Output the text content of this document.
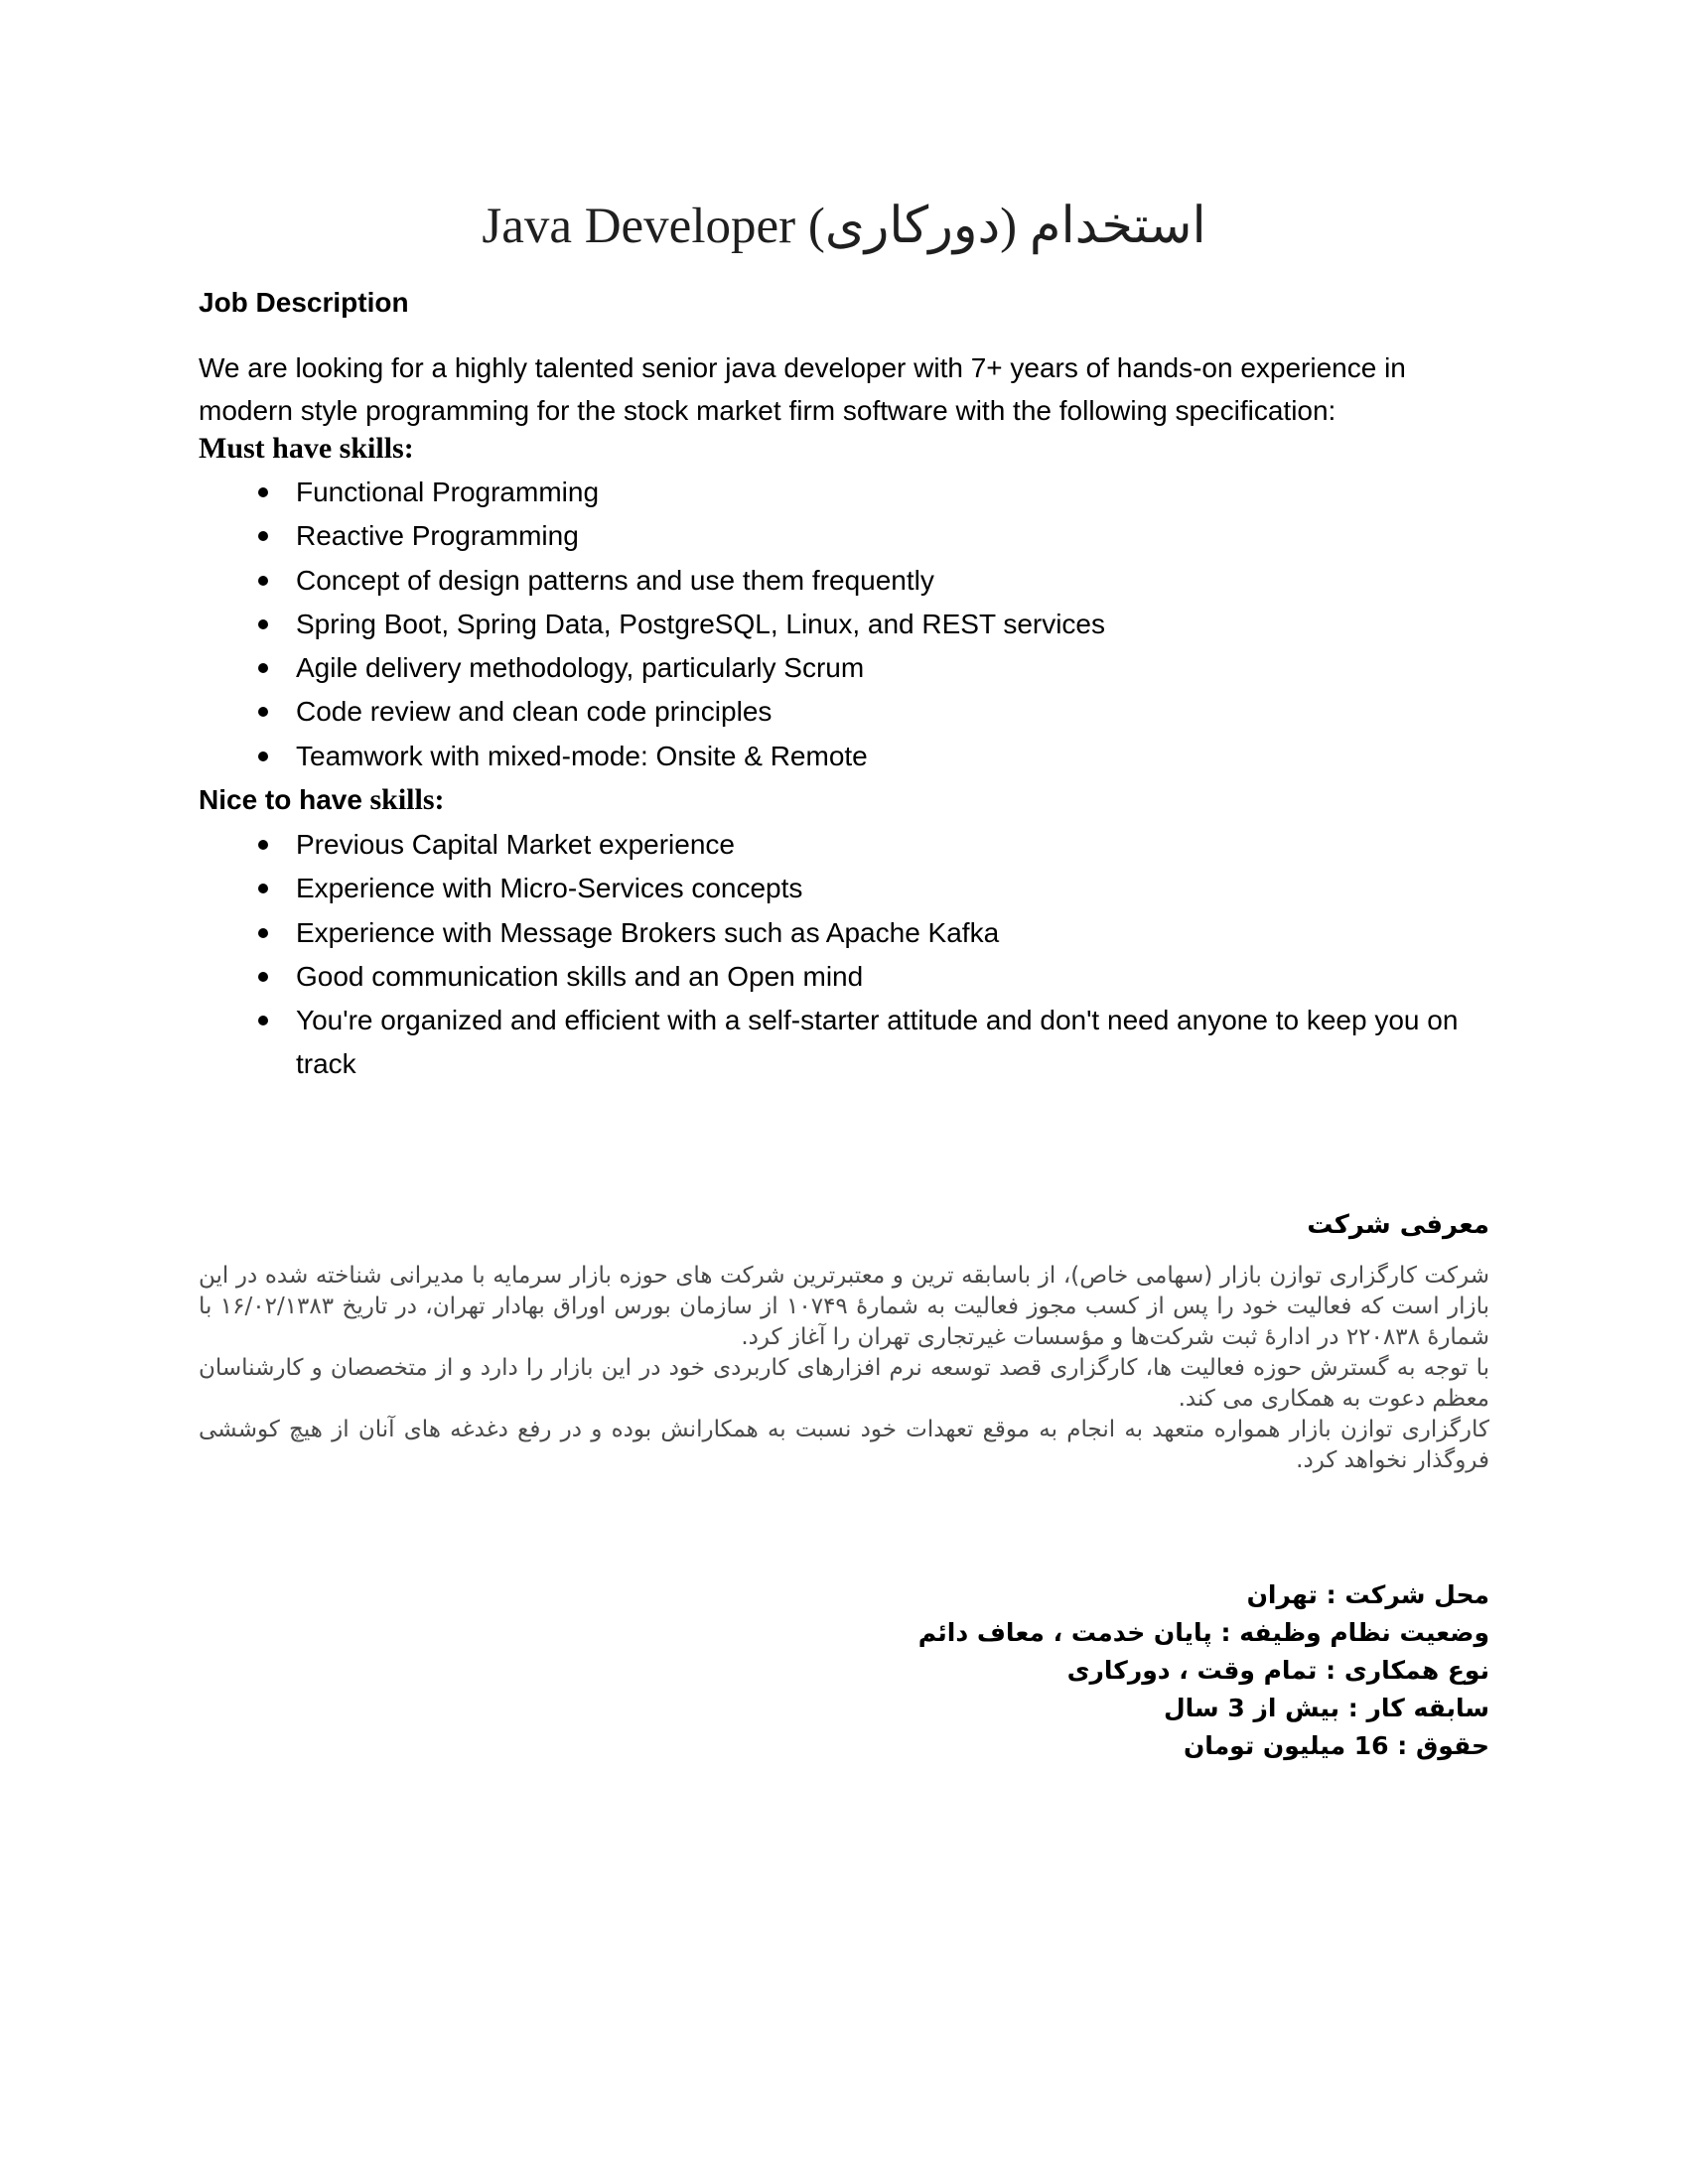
استخدام (دورکاری) Java Developer
Job Description
We are looking for a highly talented senior java developer with 7+ years of hands-on experience in modern style programming for the stock market firm software with the following specification:
Must have skills:
Functional Programming
Reactive Programming
Concept of design patterns and use them frequently
Spring Boot, Spring Data, PostgreSQL, Linux, and REST services
Agile delivery methodology, particularly Scrum
Code review and clean code principles
Teamwork with mixed-mode: Onsite & Remote
Nice to have skills:
Previous Capital Market experience
Experience with Micro-Services concepts
Experience with Message Brokers such as Apache Kafka
Good communication skills and an Open mind
You're organized and efficient with a self-starter attitude and don't need anyone to keep you on track
معرفی شرکت

شرکت کارگزاری توازن بازار (سهامی خاص)، از باسابقه ترین و معتبرترین شرکت های حوزه بازار سرمایه با مدیرانی شناخته شده در این بازار است که فعالیت خود را پس از کسب مجوز فعالیت به شمارهٔ ۱۰۷۴۹ از سازمان بورس اوراق بهادار تهران، در تاریخ ۱۶/۰۲/۱۳۸۳ با شمارهٔ ۲۲۰۸۳۸ در ادارهٔ ثبت شرکت‌ها و مؤسسات غیرتجاری تهران را آغاز کرد.

با توجه به گسترش حوزه فعالیت ها، کارگزاری قصد توسعه نرم افزارهای کاربردی خود در این بازار را دارد و از متخصصان و کارشناسان معظم دعوت به همکاری می کند.

کارگزاری توازن بازار همواره متعهد به انجام به موقع تعهدات خود نسبت به همکارانش بوده و در رفع دغدغه های آنان از هیچ کوششی فروگذار نخواهد کرد.

محل شرکت : تهران
وضعیت نظام وظیفه : پایان خدمت ، معاف دائم
نوع همکاری : تمام وقت ، دورکاری
سابقه کار : بیش از 3 سال
حقوق : 16 میلیون تومان
